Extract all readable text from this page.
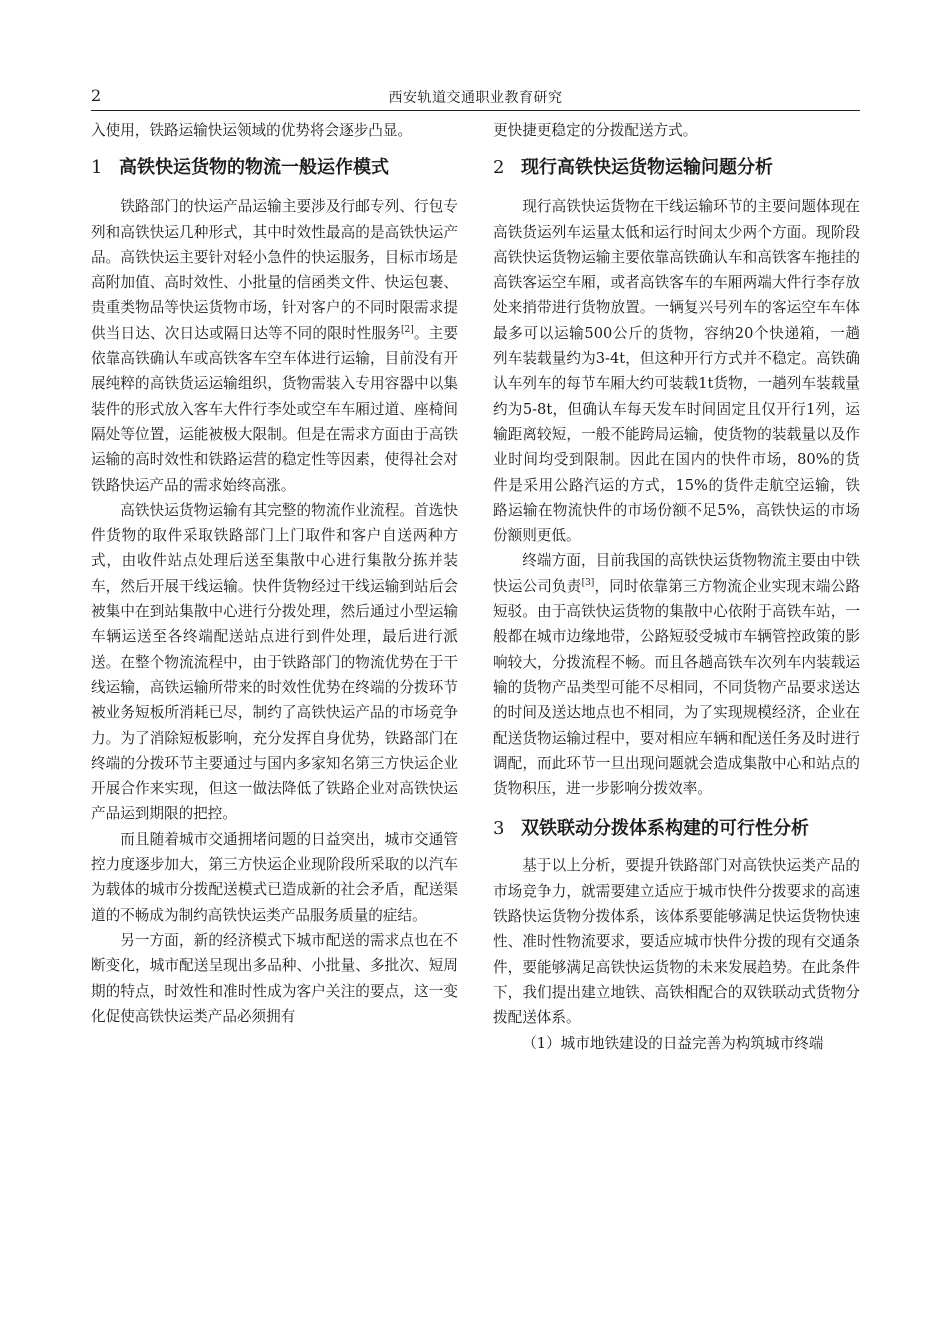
2	西安轨道交通职业教育研究

入使用，铁路运输快运领域的优势将会逐步凸显。

1 高铁快运货物的物流一般运作模式

铁路部门的快运产品运输主要涉及行邮专列、行包专列和高铁快运几种形式，其中时效性最高的是高铁快运产品。高铁快运主要针对轻小急件的快运服务，目标市场是高附加值、高时效性、小批量的信函类文件、快运包裹、贵重类物品等快运货物市场，针对客户的不同时限需求提供当日达、次日达或隔日达等不同的限时性服务[2]。主要依靠高铁确认车或高铁客车空车体进行运输，目前没有开展纯粹的高铁货运运输组织，货物需装入专用容器中以集装件的形式放入客车大件行李处或空车车厢过道、座椅间隔处等位置，运能被极大限制。但是在需求方面由于高铁运输的高时效性和铁路运营的稳定性等因素，使得社会对铁路快运产品的需求始终高涨。

高铁快运货物运输有其完整的物流作业流程。首选快件货物的取件采取铁路部门上门取件和客户自送两种方式，由收件站点处理后送至集散中心进行集散分拣并装车，然后开展干线运输。快件货物经过干线运输到站后会被集中在到站集散中心进行分拨处理，然后通过小型运输车辆运送至各终端配送站点进行到件处理，最后进行派送。在整个物流流程中，由于铁路部门的物流优势在于干线运输，高铁运输所带来的时效性优势在终端的分拨环节被业务短板所消耗已尽，制约了高铁快运产品的市场竞争力。为了消除短板影响，充分发挥自身优势，铁路部门在终端的分拨环节主要通过与国内多家知名第三方快运企业开展合作来实现，但这一做法降低了铁路企业对高铁快运产品运到期限的把控。

而且随着城市交通拥堵问题的日益突出，城市交通管控力度逐步加大，第三方快运企业现阶段所采取的以汽车为载体的城市分拨配送模式已造成新的社会矛盾，配送渠道的不畅成为制约高铁快运类产品服务质量的症结。

另一方面，新的经济模式下城市配送的需求点也在不断变化，城市配送呈现出多品种、小批量、多批次、短周期的特点，时效性和准时性成为客户关注的要点，这一变化促使高铁快运类产品必须拥有

更快捷更稳定的分拨配送方式。

2 现行高铁快运货物运输问题分析

现行高铁快运货物在干线运输环节的主要问题体现在高铁货运列车运量太低和运行时间太少两个方面。现阶段高铁快运货物运输主要依靠高铁确认车和高铁客车拖挂的高铁客运空车厢，或者高铁客车的车厢两端大件行李存放处来捎带进行货物放置。一辆复兴号列车的客运空车车体最多可以运输500公斤的货物，容纳20个快递箱，一趟列车装载量约为3-4t，但这种开行方式并不稳定。高铁确认车列车的每节车厢大约可装载1t货物，一趟列车装载量约为5-8t，但确认车每天发车时间固定且仅开行1列，运输距离较短，一般不能跨局运输，使货物的装载量以及作业时间均受到限制。因此在国内的快件市场，80%的货件是采用公路汽运的方式，15%的货件走航空运输，铁路运输在物流快件的市场份额不足5%，高铁快运的市场份额则更低。

终端方面，目前我国的高铁快运货物物流主要由中铁快运公司负责[3]，同时依靠第三方物流企业实现末端公路短驳。由于高铁快运货物的集散中心依附于高铁车站，一般都在城市边缘地带，公路短驳受城市车辆管控政策的影响较大，分拨流程不畅。而且各趟高铁车次列车内装载运输的货物产品类型可能不尽相同，不同货物产品要求送达的时间及送达地点也不相同，为了实现规模经济，企业在配送货物运输过程中，要对相应车辆和配送任务及时进行调配，而此环节一旦出现问题就会造成集散中心和站点的货物积压，进一步影响分拨效率。

3 双铁联动分拨体系构建的可行性分析

基于以上分析，要提升铁路部门对高铁快运类产品的市场竞争力，就需要建立适应于城市快件分拨要求的高速铁路快运货物分拨体系，该体系要能够满足快运货物快速性、准时性物流要求，要适应城市快件分拨的现有交通条件，要能够满足高铁快运货物的未来发展趋势。在此条件下，我们提出建立地铁、高铁相配合的双铁联动式货物分拨配送体系。

（1）城市地铁建设的日益完善为构筑城市终端
